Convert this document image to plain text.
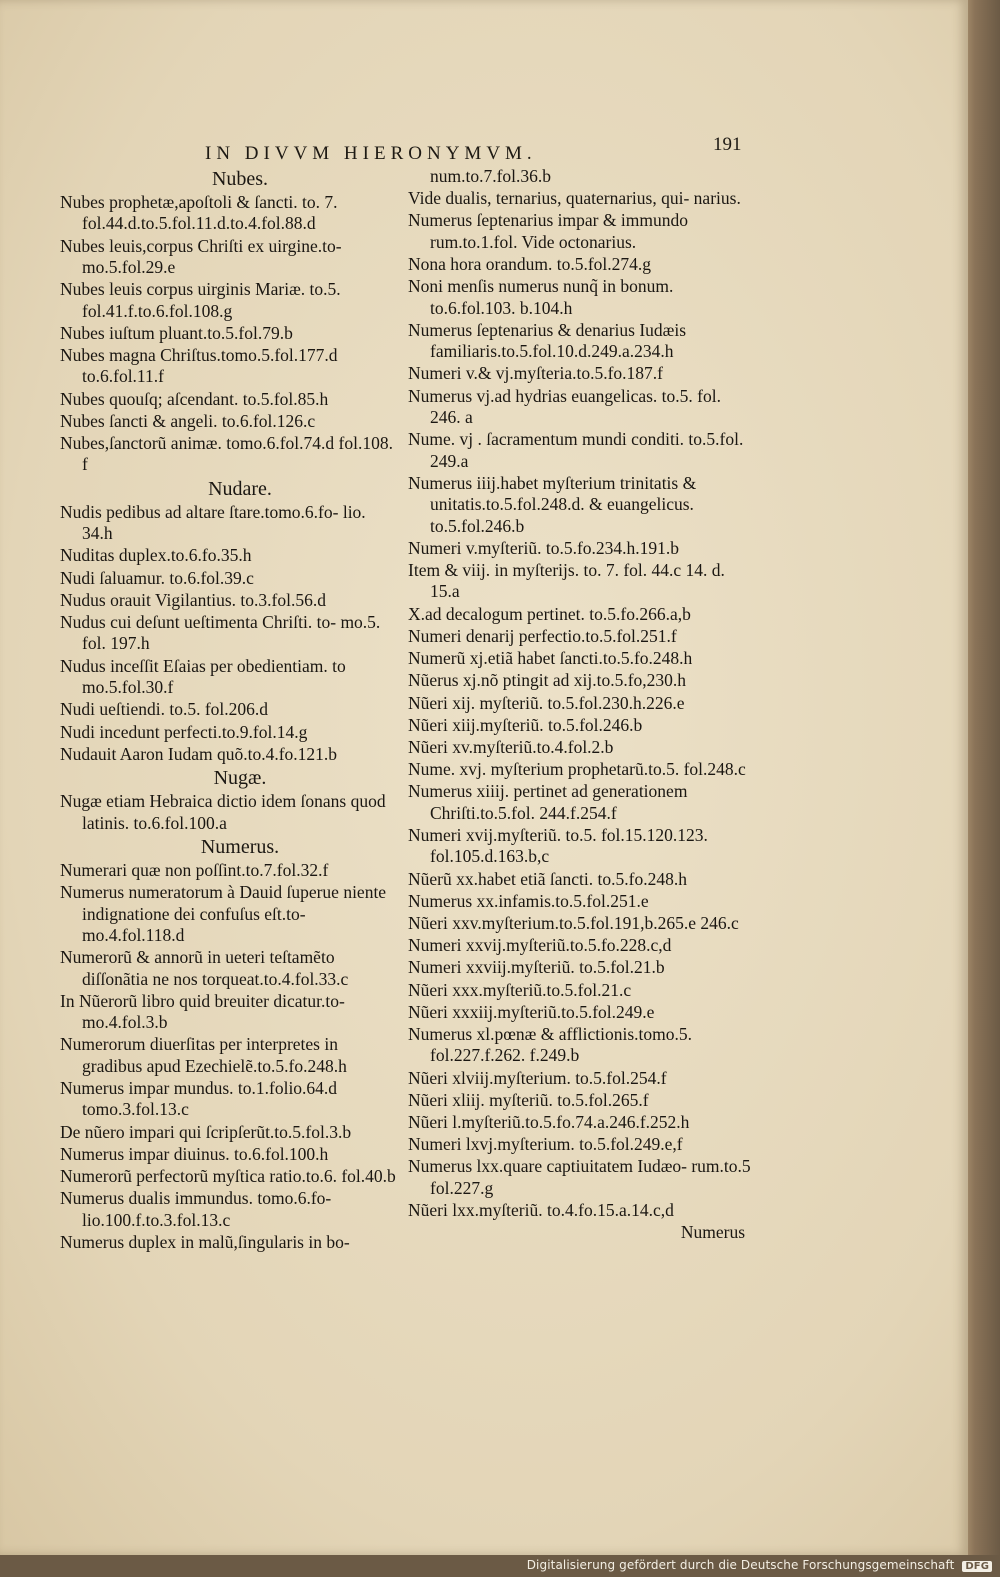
IN DIVVM HIERONYMVM.	191
Nubes.
Nubes prophetæ,apoſtoli & ſancti. to. 7. fol.44.d.to.5.fol.11.d.to.4.fol.88.d
Nubes leuis,corpus Chriſti ex uirgine.to- mo.5.fol.29.e
Nubes leuis corpus uirginis Mariæ. to.5. fol.41.f.to.6.fol.108.g
Nubes iuſtum pluant.to.5.fol.79.b
Nubes magna Chriſtus.tomo.5.fol.177.d to.6.fol.11.f
Nubes quouſq; aſcendant. to.5.fol.85.h
Nubes ſancti & angeli. to.6.fol.126.c
Nubes,ſanctorũ animæ. tomo.6.fol.74.d fol.108. f
Nudare.
Nudis pedibus ad altare ſtare.tomo.6.fo- lio. 34.h
Nuditas duplex.to.6.fo.35.h
Nudi ſaluamur. to.6.fol.39.c
Nudus orauit Vigilantius. to.3.fol.56.d
Nudus cui deſunt ueſtimenta Chriſti. to- mo.5. fol. 197.h
Nudus inceſſit Eſaias per obedientiam. to mo.5.fol.30.f
Nudi ueſtiendi. to.5. fol.206.d
Nudi incedunt perfecti.to.9.fol.14.g
Nudauit Aaron Iudam quõ.to.4.fo.121.b
Nugæ.
Nugæ etiam Hebraica dictio idem ſonans quod latinis. to.6.fol.100.a
Numerus.
Numerari quæ non poſſint.to.7.fol.32.f
Numerus numeratorum à Dauid ſuperue niente indignatione dei confuſus eſt.to- mo.4.fol.118.d
Numerorũ & annorũ in ueteri teſtamẽto diſſonãtia ne nos torqueat.to.4.fol.33.c
In Nũerorũ libro quid breuiter dicatur.to- mo.4.fol.3.b
Numerorum diuerſitas per interpretes in gradibus apud Ezechielẽ.to.5.fo.248.h
Numerus impar mundus. to.1.folio.64.d tomo.3.fol.13.c
De nũero impari qui ſcripſerũt.to.5.fol.3.b
Numerus impar diuinus. to.6.fol.100.h
Numerorũ perfectorũ myſtica ratio.to.6. fol.40.b
Numerus dualis immundus. tomo.6.fo- lio.100.f.to.3.fol.13.c
Numerus duplex in malũ,ſingularis in bo-
num.to.7.fol.36.b
Vide dualis, ternarius, quaternarius, qui- narius.
Numerus ſeptenarius impar & immundo rum.to.1.fol. Vide octonarius.
Nona hora orandum. to.5.fol.274.g
Noni menſis numerus nunq̃ in bonum. to.6.fol.103. b.104.h
Numerus ſeptenarius & denarius Iudæis familiaris.to.5.fol.10.d.249.a.234.h
Numeri v.& vj.myſteria.to.5.fo.187.f
Numerus vj.ad hydrias euangelicas. to.5. fol. 246. a
Nume. vj . ſacramentum mundi conditi. to.5.fol. 249.a
Numerus iiij.habet myſterium trinitatis & unitatis.to.5.fol.248.d. & euangelicus. to.5.fol.246.b
Numeri v.myſteriũ. to.5.fo.234.h.191.b
Item & viij. in myſterijs. to. 7. fol. 44.c 14. d. 15.a
X.ad decalogum pertinet. to.5.fo.266.a,b
Numeri denarij perfectio.to.5.fol.251.f
Numerũ xj.etiã habet ſancti.to.5.fo.248.h
Nũerus xj.nõ ptingit ad xij.to.5.fo,230.h
Nũeri xij. myſteriũ. to.5.fol.230.h.226.e
Nũeri xiij.myſteriũ. to.5.fol.246.b
Nũeri xv.myſteriũ.to.4.fol.2.b
Nume. xvj. myſterium prophetarũ.to.5. fol.248.c
Numerus xiiij. pertinet ad generationem Chriſti.to.5.fol. 244.f.254.f
Numeri xvij.myſteriũ. to.5. fol.15.120.123. fol.105.d.163.b,c
Nũerũ xx.habet etiã ſancti. to.5.fo.248.h
Numerus xx.infamis.to.5.fol.251.e
Nũeri xxv.myſterium.to.5.fol.191,b.265.e 246.c
Numeri xxvij.myſteriũ.to.5.fo.228.c,d
Numeri xxviij.myſteriũ. to.5.fol.21.b
Nũeri xxx.myſteriũ.to.5.fol.21.c
Nũeri xxxiij.myſteriũ.to.5.fol.249.e
Numerus xl.pœnæ & afflictionis.tomo.5. fol.227.f.262. f.249.b
Nũeri xlviij.myſterium. to.5.fol.254.f
Nũeri xliij. myſteriũ. to.5.fol.265.f
Nũeri l.myſteriũ.to.5.fo.74.a.246.f.252.h
Numeri lxvj.myſterium. to.5.fol.249.e,f
Numerus lxx.quare captiuitatem Iudæo- rum.to.5 fol.227.g
Nũeri lxx.myſteriũ. to.4.fo.15.a.14.c,d
Numerus
Digitalisierung gefördert durch die Deutsche Forschungsgemeinschaft DFG
